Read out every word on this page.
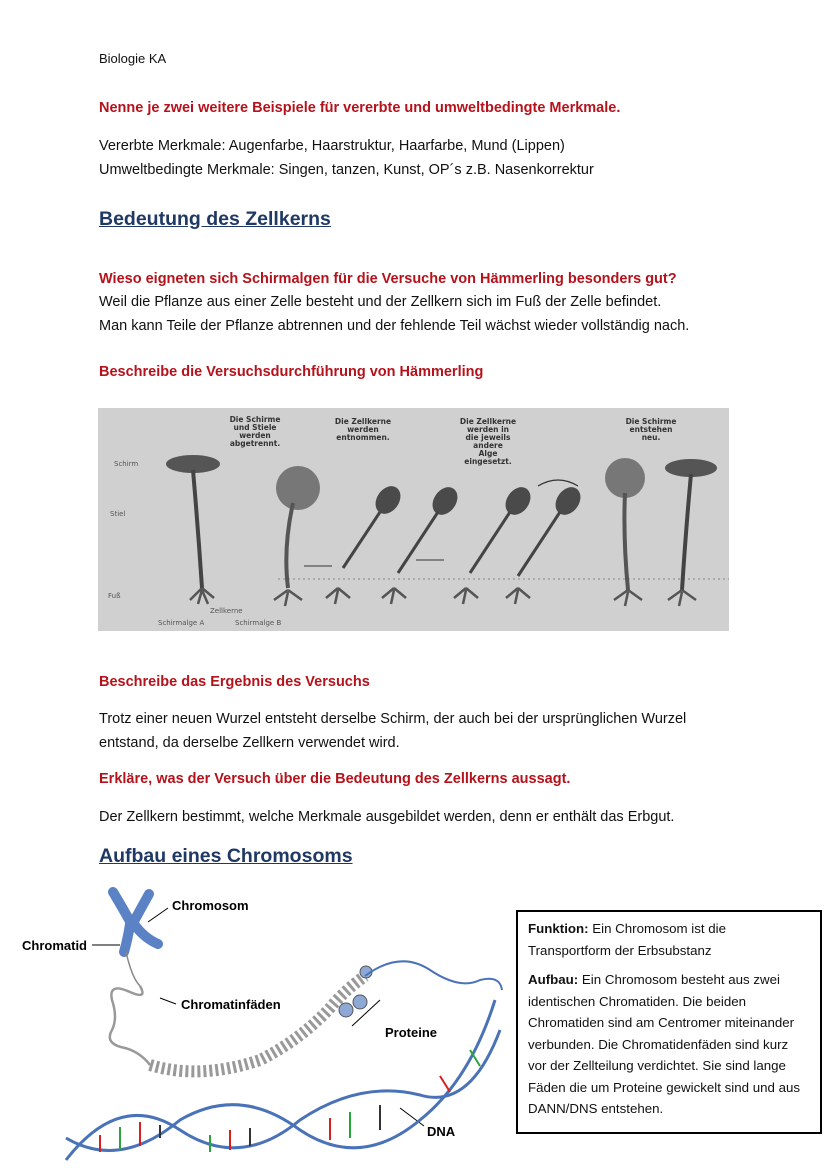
Biologie KA
Nenne je zwei weitere Beispiele für vererbte und umweltbedingte Merkmale.
Vererbte Merkmale: Augenfarbe, Haarstruktur, Haarfarbe, Mund (Lippen)
Umweltbedingte Merkmale: Singen, tanzen, Kunst, OP´s z.B. Nasenkorrektur
Bedeutung des Zellkerns
Wieso eigneten sich Schirmalgen für die Versuche von Hämmerling besonders gut?
Weil die Pflanze aus einer Zelle besteht und der Zellkern sich im Fuß der Zelle befindet.
Man kann Teile der Pflanze abtrennen und der fehlende Teil wächst wieder vollständig nach.
Beschreibe die Versuchsdurchführung von Hämmerling
Die Schirme
und Stiele
werden
abgetrennt.
Die Zellkerne
werden
entnommen.
Die Zellkerne
werden in
die jeweils
andere
Alge
eingesetzt.
Die Schirme
entstehen
neu.
Schirm
Stiel
Fuß
Zellkerne
Schirmalge A	Schirmalge B
Beschreibe das Ergebnis des Versuchs
Trotz einer neuen Wurzel entsteht derselbe Schirm, der auch bei der ursprünglichen Wurzel
entstand, da derselbe Zellkern verwendet wird.
Erkläre, was der Versuch über die Bedeutung des Zellkerns aussagt.
Der Zellkern bestimmt, welche Merkmale ausgebildet werden, denn er enthält das Erbgut.
Aufbau eines Chromosoms
Chromosom
Chromatid
Chromatinfäden
Proteine
DNA

Funktion: Ein Chromosom ist die Transportform der Erbsubstanz

Aufbau: Ein Chromosom besteht aus zwei identischen Chromatiden. Die beiden Chromatiden sind am Centromer miteinander verbunden. Die Chromatidenfäden sind kurz vor der Zellteilung verdichtet. Sie sind lange Fäden die um Proteine gewickelt sind und aus DANN/DNS entstehen.
